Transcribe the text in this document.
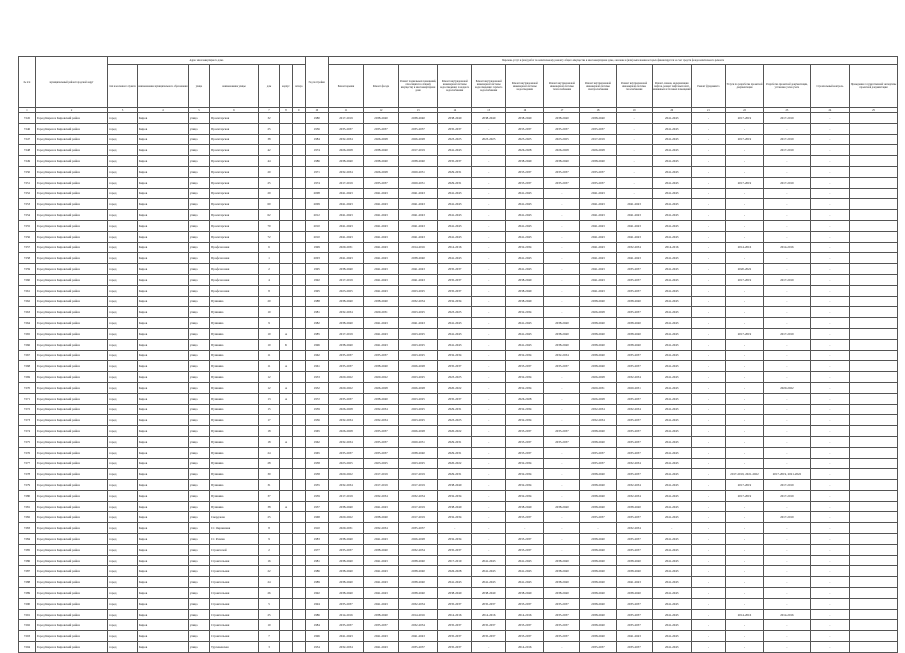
№ п/п	муниципальный район/городской округ	Адрес многоквартирного дома							Год постройки	Перечень услуг и (или) работ по капитальному ремонту общего имущества в многоквартирном доме, оказание и (или) выполнение которых финансируется за счет средств фонда капитального ремонта														
		тип населенного пункта	наименование муниципального образования	улица	наименование улицы	дом	корпус	литера		Ремонт крыши	Ремонт фасада	Ремонт подвальных помещений, относящихся к общему имуществу в многоквартирном доме	Ремонт внутридомовой инженерной системы водоотведения: холодного водоснабжения	Ремонт внутридомовой инженерной системы водоотведения: горячего водоснабжения	Ремонт внутридомовой инженерной системы водоотведения	Ремонт внутридомовой инженерной системы теплоснабжения	Ремонт внутридомовой инженерной системы электроснабжения	Ремонт внутридомовой инженерной системы газоснабжения	Ремонт, замена, модернизация лифтов, ремонт лифтовых шахт, машинных и блочных помещений	Ремонт фундамента	Услуги по разработке проектной документации	Разработка проектной документации, установка узлов учета	Строительный контроль	Проведение государственной экспертизы проектной документации
1	2	3	4	5	6	7	8	9	10	11	12	13	14	15	16	17	18	19	20	21	22	23	24	25
7245	Город Киров и Кировский район	город	Киров	улица	Пролетарская	32			1980	2017-2019	2038-2040	2038-2040	2038-2040	2038-2040	2038-2040	2038-2040	2038-2040	-	2041-2043	-	2017-2019	2017-2019	-	
7246	Город Киров и Кировский район	город	Киров	улица	Пролетарская	25			1956	2035-2037	2035-2037	2035-2037	2035-2037	-	2035-2037	2035-2037	2035-2037	-	2041-2043	-	-	-	-	
7247	Город Киров и Кировский район	город	Киров	улица	Пролетарская	38			1984	2032-2034	2026-2028	2026-2028	2023-2025	2023-2025	2023-2025	2023-2025	2017-2019	-	2041-2043	-	2017-2019	2017-2019	-	
7248	Город Киров и Кировский район	город	Киров	улица	Пролетарская	42			1974	2026-2028	2038-2040	2017-2019	2041-2043	-	2026-2028	2026-2028	2026-2028	-	2041-2043	-	-	2017-2019	-	
7249	Город Киров и Кировский район	город	Киров	улица	Пролетарская	44			1986	2038-2040	2038-2040	2038-2040	2035-2037	-	2038-2040	2038-2040	2038-2040	-	2041-2043	-	-	-	-	
7250	Город Киров и Кировский район	город	Киров	улица	Пролетарская	20			1971	2032-2034	2026-2028	2029-2031	2029-2031	-	2035-2037	2035-2037	2035-2037	-	2041-2043	-	-	-	-	
7251	Город Киров и Кировский район	город	Киров	улица	Пролетарская	25			1974	2017-2019	2035-2037	2029-2031	2029-2031	-	2035-2037	2035-2037	2035-2037	-	2041-2043	-	2017-2019	2017-2019	-	
7252	Город Киров и Кировский район	город	Киров	улица	Пролетарская	29			2008	2041-2043	2041-2043	2041-2043	2041-2043	-	2041-2043	-	2041-2043	-	2041-2043	-	-	-	-	
7253	Город Киров и Кировский район	город	Киров	улица	Пролетарская	60			2009	2041-2043	2041-2043	2041-2043	2041-2043	-	2041-2043	-	2041-2043	2041-2043	2041-2043	-	-	-	-	
7254	Город Киров и Кировский район	город	Киров	улица	Пролетарская	62			2012	2041-2043	2041-2043	2041-2043	2041-2043	-	2041-2043	-	2041-2043	2041-2043	2041-2043	-	-	-	-	
7255	Город Киров и Кировский район	город	Киров	улица	Пролетарская	70			2010	2041-2043	2041-2043	2041-2043	2041-2043	-	2041-2043	-	2041-2043	2041-2043	2041-2043	-	-	-	-	
7256	Город Киров и Кировский район	город	Киров	улица	Пролетарская	72			2010	2041-2043	2041-2043	2041-2043	2041-2043	-	2041-2043	-	2041-2043	2041-2043	2041-2043	-	-	-	-	
7257	Город Киров и Кировский район	город	Киров	улица	Профсоюзная	6			1999	2029-2031	2041-2043	2014-2016	2014-2016	-	2032-2034	-	2041-2043	2032-2034	2014-2016	-	2014-2016	2014-2016	-	
7258	Город Киров и Кировский район	город	Киров	улица	Профсоюзная	1			2003	2041-2043	2041-2043	2038-2040	2041-2043	-	2041-2043	-	2041-2043	2041-2043	2041-2043	-	-	-	-	
7259	Город Киров и Кировский район	город	Киров	улица	Профсоюзная	2			1995	2038-2040	2041-2043	2041-2043	2035-2037	-	2041-2043	-	2041-2043	2035-2037	2041-2043	-	2020-2022	-	-	
7260	Город Киров и Кировский район	город	Киров	улица	Профсоюзная	4			1992	2017-2019	2041-2043	2041-2043	2035-2037	-	2038-2040	-	2041-2043	2035-2037	2041-2043	-	2017-2019	2017-2019	-	
7261	Город Киров и Кировский район	город	Киров	улица	Профсоюзная	8			1995	2023-2025	2041-2043	2023-2025	2035-2037	-	2038-2040	-	2041-2043	2035-2037	2041-2043	-	-	-	-	
7262	Город Киров и Кировский район	город	Киров	улица	Пушкина	20			1988	2038-2040	2038-2040	2032-2034	2032-2034	-	2038-2040	-	2038-2040	2038-2040	2041-2043	-	-	-	-	
7263	Город Киров и Кировский район	город	Киров	улица	Пушкина	10			1981	2032-2034	2029-2031	2023-2025	2023-2025	-	2032-2034	-	2026-2028	2035-2037	2041-2043	-	-	-	-	
7264	Город Киров и Кировский район	город	Киров	улица	Пушкина	9			1982	2038-2040	2041-2043	2041-2043	2041-2043	-	2041-2043	2038-2040	2038-2040	2038-2040	2041-2043	-	-	-	-	
7265	Город Киров и Кировский район	город	Киров	улица	Пушкина	10	А		1985	2017-2019	2041-2043	2023-2025	2041-2043	-	2041-2043	2038-2040	2038-2040	2038-2040	2041-2043	-	2017-2019	2017-2019	-	
7266	Город Киров и Кировский район	город	Киров	улица	Пушкина	10	Б		1996	2038-2040	2041-2043	2023-2025	2041-2043	-	2041-2043	2038-2040	2038-2040	2038-2040	2041-2043	-	-	-	-	
7267	Город Киров и Кировский район	город	Киров	улица	Пушкина	11			1962	2035-2037	2035-2037	2023-2025	2032-2034	-	2032-2034	2032-2034	2038-2040	2035-2037	2041-2043	-	-	-	-	
7268	Город Киров и Кировский район	город	Киров	улица	Пушкина	11	А		1961	2035-2037	2038-2040	2026-2028	2035-2037	-	2035-2037	2035-2037	2038-2040	2035-2037	2041-2043	-	-	-	-	
7269	Город Киров и Кировский район	город	Киров	улица	Пушкина	12			1933	2020-2022	2020-2022	2023-2025	2023-2025	-	2032-2034	-	2026-2028	2032-2034	2041-2043	-	-	-	-	
7270	Город Киров и Кировский район	город	Киров	улица	Пушкина	12	А		1932	2020-2022	2026-2028	2026-2028	2020-2022	-	2032-2034	-	2029-2031	2029-2031	2041-2043	-	-	2020-2022	-	
7271	Город Киров и Кировский район	город	Киров	улица	Пушкина	13	А		1972	2035-2037	2038-2040	2023-2025	2035-2037	-	2026-2028	-	2026-2028	2035-2037	2041-2043	-	-	-	-	
7272	Город Киров и Кировский район	город	Киров	улица	Пушкина	15			1959	2026-2028	2032-2034	2023-2025	2029-2031	-	2032-2034	-	2032-2034	2032-2034	2041-2043	-	-	-	-	
7273	Город Киров и Кировский район	город	Киров	улица	Пушкина	17			1956	2032-2034	2032-2034	2023-2025	2023-2025	-	2032-2034	-	2032-2034	2035-2037	2041-2043	-	-	-	-	
7274	Город Киров и Кировский район	город	Киров	улица	Пушкина	18			1965	2026-2028	2035-2037	2026-2028	2020-2022	-	2035-2037	2035-2037	2038-2040	2035-2037	2041-2043	-	-	-	-	
7275	Город Киров и Кировский район	город	Киров	улица	Пушкина	18	А		1962	2032-2034	2035-2037	2029-2031	2029-2031	-	2035-2037	2035-2037	2038-2040	2035-2037	2041-2043	-	-	-	-	
7276	Город Киров и Кировский район	город	Киров	улица	Пушкина	24			1965	2035-2037	2035-2037	2038-2040	2029-2031	-	2035-2037	-	2035-2037	2035-2037	2041-2043	-	-	-	-	
7277	Город Киров и Кировский район	город	Киров	улица	Пушкина	28			1958	2023-2025	2023-2025	2023-2025	2020-2022	-	2032-2034	-	2035-2037	2032-2034	2041-2043	-	-	-	-	
7278	Город Киров и Кировский район	город	Киров	улица	Пушкина	30			1958	2020-2022	2017-2019	2017-2019	2029-2031	-	2032-2034	-	2038-2040	2035-2037	2041-2043	-	2017-2019, 2021-2022	2017-2019, 2021-2022	-	
7279	Город Киров и Кировский район	город	Киров	улица	Пушкина	31			1955	2032-2034	2017-2019	2017-2019	2038-2040	-	2032-2034	-	2038-2040	2032-2034	2041-2043	-	2017-2019	2017-2019	-	
7280	Город Киров и Кировский район	город	Киров	улица	Пушкина	37			1959	2017-2019	2032-2034	2032-2034	2032-2034	-	2032-2034	-	2038-2040	2032-2034	2041-2043	-	2017-2019	2017-2019	-	
7281	Город Киров и Кировский район	город	Киров	улица	Пушкина	38	А		1957	2038-2040	2041-2043	2017-2019	2038-2040	-	2038-2040	2038-2040	2038-2040	2038-2040	2041-2043	-	-	-	-	
7282	Город Киров и Кировский район	город	Киров	улица	Свердлова	25			1968	2020-2022	2038-2040	2017-2019	2032-2034	-	2035-2037	-	2035-2037	2035-2037	2041-2043	-	-	2017-2019	-	
7283	Город Киров и Кировский район	город	Киров	улица	Ст. Окраинная	8			1910	2029-2031	2032-2034	2035-2037	-	-	-	-	-	2032-2034	-	-	-	-	-	
7284	Город Киров и Кировский район	город	Киров	улица	Ст. Разина	9			1983	2038-2040	2041-2043	2026-2028	2032-2034	-	2035-2037	-	2038-2040	2035-2037	2041-2043	-	-	-	-	
7285	Город Киров и Кировский район	город	Киров	улица	Строителей	2			1977	2035-2037	2038-2040	2032-2034	2035-2037	-	2035-2037	-	2038-2040	2035-2037	2041-2043	-	-	-	-	
7286	Город Киров и Кировский район	город	Киров	улица	Строительная	16			1981	2038-2040	2041-2043	2038-2040	2017-2019	2041-2043	2041-2043	2038-2040	2038-2040	2038-2040	2041-2043	-	-	-	-	
7287	Город Киров и Кировский район	город	Киров	улица	Строительная	22			1986	2038-2040	2041-2043	2038-2040	2026-2028	2041-2043	2041-2043	2038-2040	2038-2040	2038-2040	2041-2043	-	-	-	-	
7288	Город Киров и Кировский район	город	Киров	улица	Строительная	24			1989	2038-2040	2041-2043	2038-2040	2041-2043	2041-2043	2041-2043	2038-2040	2038-2040	2041-2043	2041-2043	-	-	-	-	
7289	Город Киров и Кировский район	город	Киров	улица	Строительная	26			1992	2038-2040	2041-2043	2038-2040	2038-2040	2038-2040	2038-2040	2038-2040	2038-2040	2038-2040	2041-2043	-	-	-	-	
7290	Город Киров и Кировский район	город	Киров	улица	Строительная	5			1994	2035-2037	2041-2043	2032-2034	2035-2037	2035-2037	2035-2037	2035-2037	2038-2040	2035-2037	2041-2043	-	-	-	-	
7291	Город Киров и Кировский район	город	Киров	улица	Строительная	25			1986	2014-2016	2038-2040	2014-2016	2014-2016	2014-2016	2014-2016	2035-2037	2038-2040	2035-2037	2041-2043	-	2014-2016	2014-2016	-	
7292	Город Киров и Кировский район	город	Киров	улица	Строительная	10			1984	2035-2037	2035-2037	2032-2034	2035-2037	2035-2037	2035-2037	2035-2037	2038-2040	2035-2037	2041-2043	-	-	-	-	
7293	Город Киров и Кировский район	город	Киров	улица	Строительная	7			1996	2041-2043	2041-2043	2041-2043	2035-2037	2035-2037	2035-2037	2035-2037	2038-2040	2041-2043	2041-2043	-	-	-	-	
7294	Город Киров и Кировский район	город	Киров	улица	Тургеневская	3			1954	2032-2034	2041-2043	2035-2037	2035-2037	-	2014-2016	-	2035-2037	2035-2037	2041-2043	-	-	-	-	
